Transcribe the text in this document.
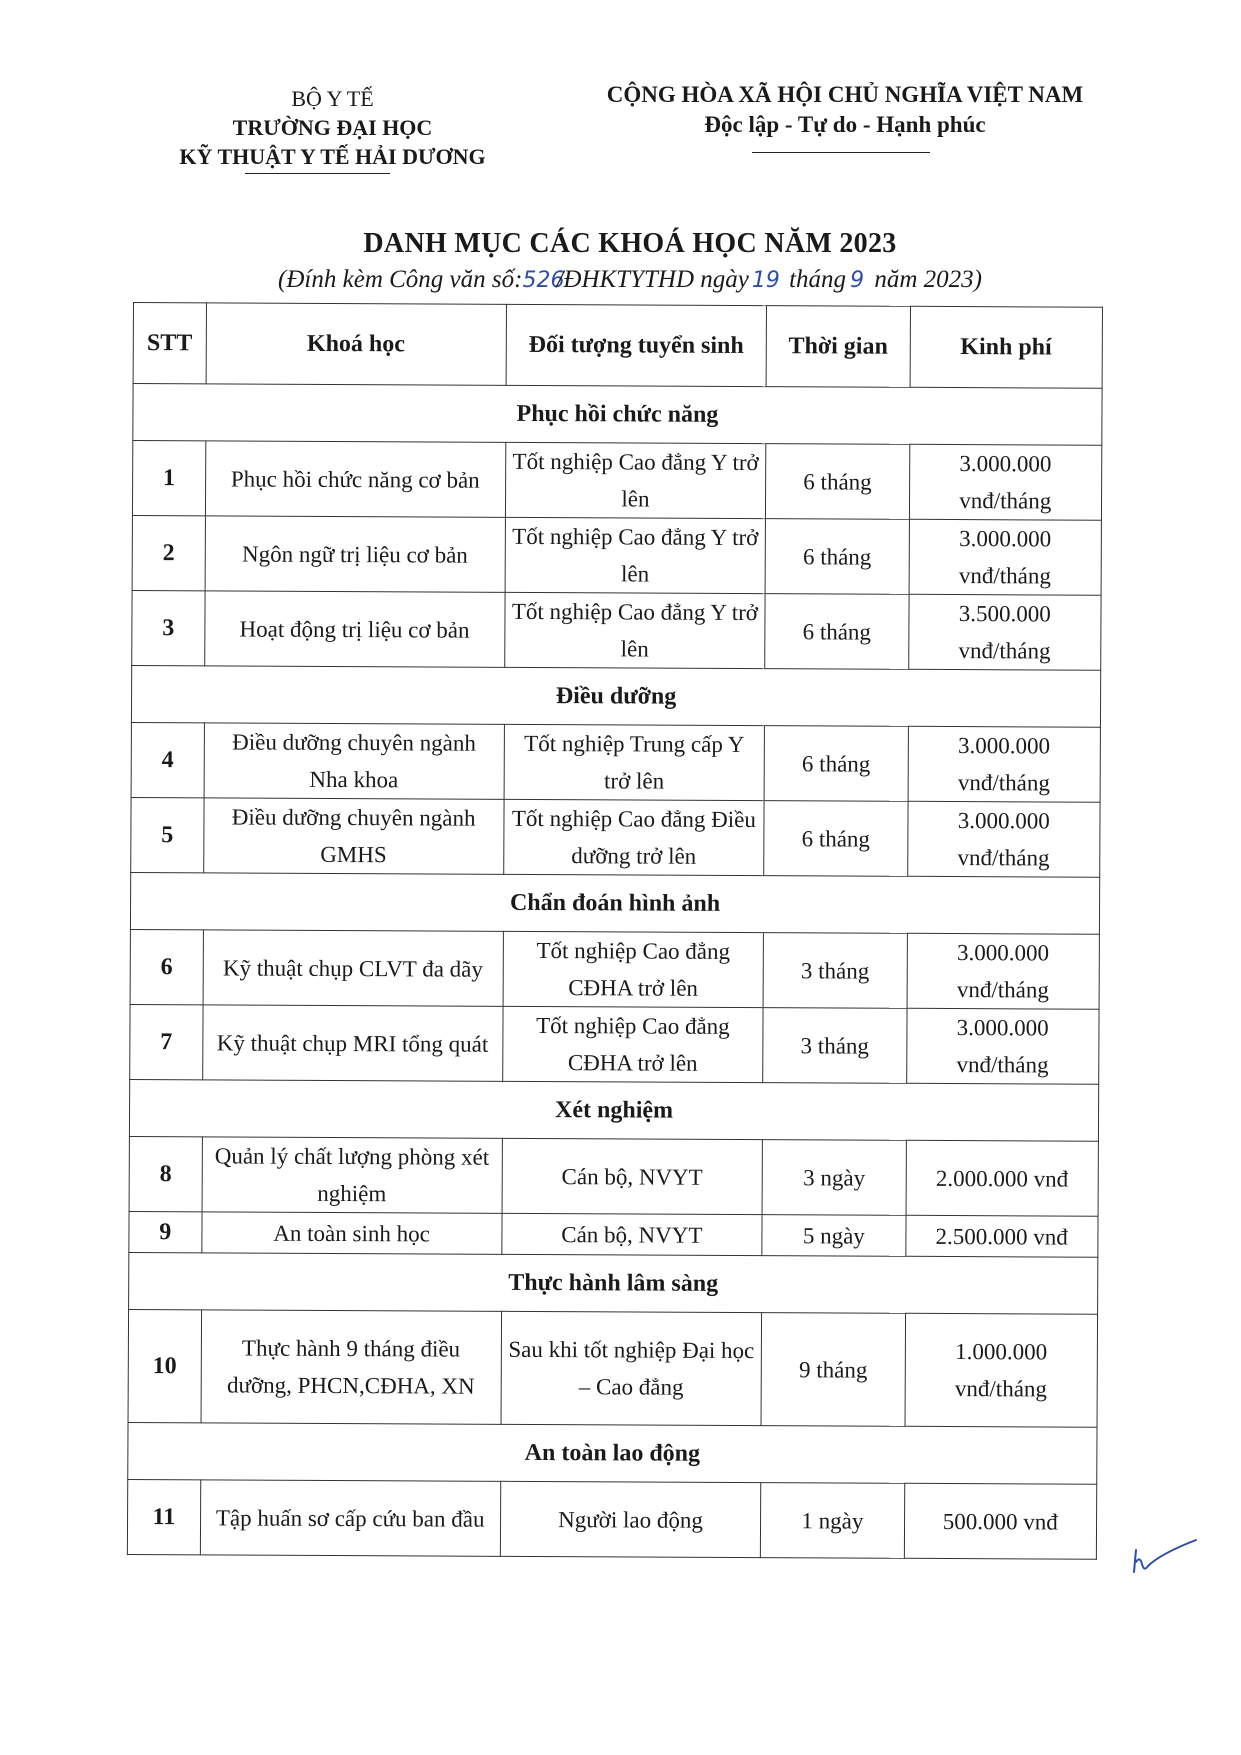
BỘ Y TẾ
TRƯỜNG ĐẠI HỌC
KỸ THUẬT Y TẾ HẢI DƯƠNG
CỘNG HÒA XÃ HỘI CHỦ NGHĨA VIỆT NAM
Độc lập - Tự do - Hạnh phúc
DANH MỤC CÁC KHOÁ HỌC NĂM 2023
(Đính kèm Công văn số:526/ĐHKTYTHD ngày 19 tháng 9 năm 2023)
STT	Khoá học	Đối tượng tuyển sinh	Thời gian	Kinh phí
Phục hồi chức năng				
1	Phục hồi chức năng cơ bản	Tốt nghiệp Cao đẳng Y trở lên	6 tháng	3.000.000 vnđ/tháng
2	Ngôn ngữ trị liệu cơ bản	Tốt nghiệp Cao đẳng Y trở lên	6 tháng	3.000.000 vnđ/tháng
3	Hoạt động trị liệu cơ bản	Tốt nghiệp Cao đẳng Y trở lên	6 tháng	3.500.000 vnđ/tháng
Điều dưỡng				
4	Điều dưỡng chuyên ngành Nha khoa	Tốt nghiệp Trung cấp Y trở lên	6 tháng	3.000.000 vnđ/tháng
5	Điều dưỡng chuyên ngành GMHS	Tốt nghiệp Cao đẳng Điều dưỡng trở lên	6 tháng	3.000.000 vnđ/tháng
Chẩn đoán hình ảnh				
6	Kỹ thuật chụp CLVT đa dãy	Tốt nghiệp Cao đẳng CĐHA trở lên	3 tháng	3.000.000 vnđ/tháng
7	Kỹ thuật chụp MRI tổng quát	Tốt nghiệp Cao đẳng CĐHA trở lên	3 tháng	3.000.000 vnđ/tháng
Xét nghiệm				
8	Quản lý chất lượng phòng xét nghiệm	Cán bộ, NVYT	3 ngày	2.000.000 vnđ
9	An toàn sinh học	Cán bộ, NVYT	5 ngày	2.500.000 vnđ
Thực hành lâm sàng				
10	Thực hành 9 tháng điều dưỡng, PHCN,CĐHA, XN	Sau khi tốt nghiệp Đại học – Cao đẳng	9 tháng	1.000.000 vnđ/tháng
An toàn lao động				
11	Tập huấn sơ cấp cứu ban đầu	Người lao động	1 ngày	500.000 vnđ
